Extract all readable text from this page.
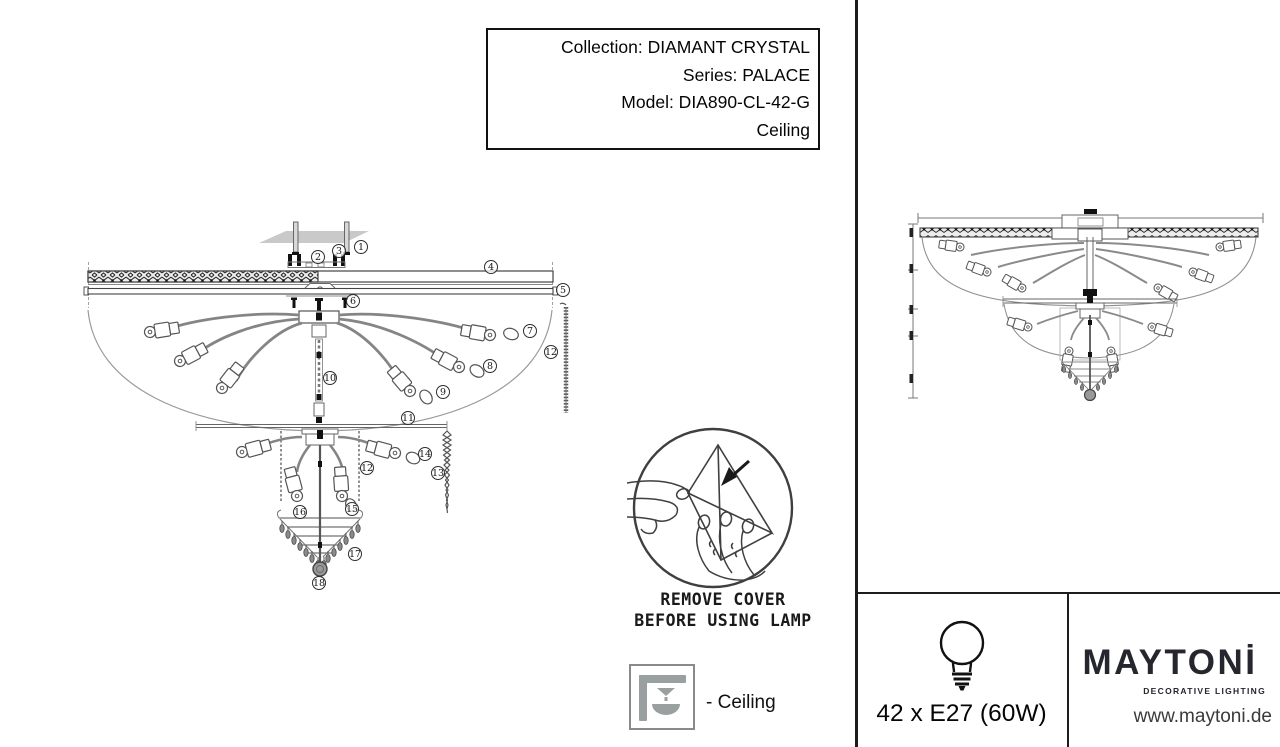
1
2
3
4
5
6
7
8
9
10
11
12
12	13
14
15
16
17
18
Collection: DIAMANT CRYSTAL
Series: PALACE
Model: DIA890-CL-42-G
Ceiling
REMOVE COVER
BEFORE USING LAMP
- Ceiling	42 x E27 (60W)
MAYTONİ
DECORATIVE LIGHTING
www.maytoni.de
